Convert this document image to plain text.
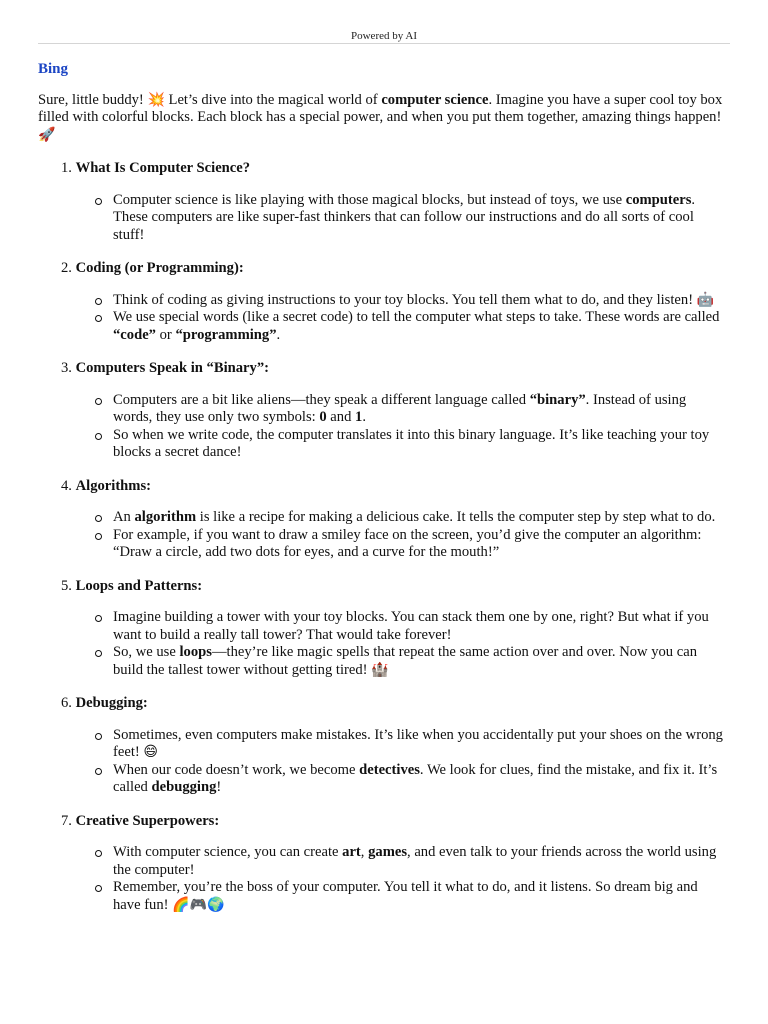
Powered by AI
Bing
Sure, little buddy! 💥 Let’s dive into the magical world of computer science. Imagine you have a super cool toy box filled with colorful blocks. Each block has a special power, and when you put them together, amazing things happen! 🚀
1. What Is Computer Science?
Computer science is like playing with those magical blocks, but instead of toys, we use computers. These computers are like super-fast thinkers that can follow our instructions and do all sorts of cool stuff!
2. Coding (or Programming):
Think of coding as giving instructions to your toy blocks. You tell them what to do, and they listen! 🤖
We use special words (like a secret code) to tell the computer what steps to take. These words are called “code” or “programming”.
3. Computers Speak in “Binary”:
Computers are a bit like aliens—they speak a different language called “binary”. Instead of using words, they use only two symbols: 0 and 1.
So when we write code, the computer translates it into this binary language. It’s like teaching your toy blocks a secret dance!
4. Algorithms:
An algorithm is like a recipe for making a delicious cake. It tells the computer step by step what to do.
For example, if you want to draw a smiley face on the screen, you’d give the computer an algorithm: “Draw a circle, add two dots for eyes, and a curve for the mouth!”
5. Loops and Patterns:
Imagine building a tower with your toy blocks. You can stack them one by one, right? But what if you want to build a really tall tower? That would take forever!
So, we use loops—they’re like magic spells that repeat the same action over and over. Now you can build the tallest tower without getting tired! 🏰
6. Debugging:
Sometimes, even computers make mistakes. It’s like when you accidentally put your shoes on the wrong feet! 😄
When our code doesn’t work, we become detectives. We look for clues, find the mistake, and fix it. It’s called debugging!
7. Creative Superpowers:
With computer science, you can create art, games, and even talk to your friends across the world using the computer!
Remember, you’re the boss of your computer. You tell it what to do, and it listens. So dream big and have fun! 🌈🎮🌍
